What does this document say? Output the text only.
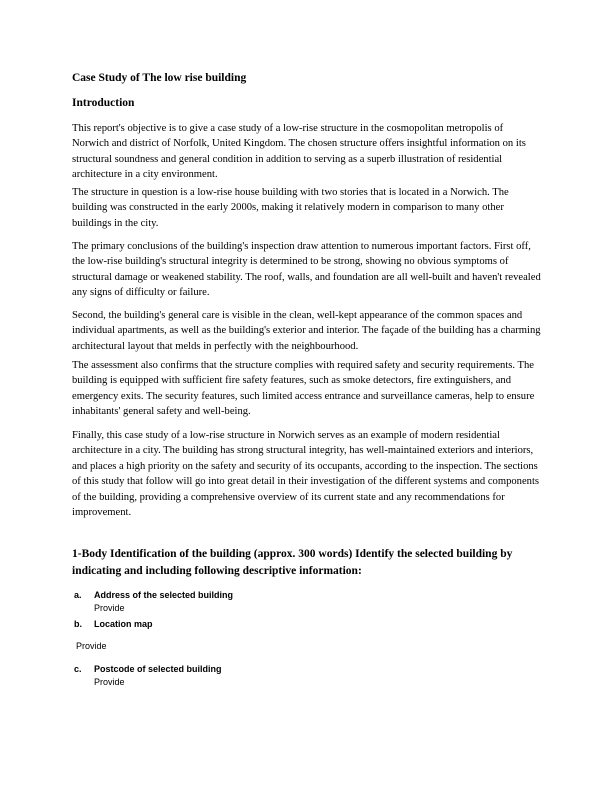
Case Study of The low rise building
Introduction

This report's objective is to give a case study of a low-rise structure in the cosmopolitan metropolis of Norwich and district of Norfolk, United Kingdom. The chosen structure offers insightful information on its structural soundness and general condition in addition to serving as a superb illustration of residential architecture in a city environment.

The structure in question is a low-rise house building with two stories that is located in a Norwich. The building was constructed in the early 2000s, making it relatively modern in comparison to many other buildings in the city.

The primary conclusions of the building's inspection draw attention to numerous important factors. First off, the low-rise building's structural integrity is determined to be strong, showing no obvious symptoms of structural damage or weakened stability. The roof, walls, and foundation are all well-built and haven't revealed any signs of difficulty or failure.

Second, the building's general care is visible in the clean, well-kept appearance of the common spaces and individual apartments, as well as the building's exterior and interior. The façade of the building has a charming architectural layout that melds in perfectly with the neighbourhood.

The assessment also confirms that the structure complies with required safety and security requirements. The building is equipped with sufficient fire safety features, such as smoke detectors, fire extinguishers, and emergency exits. The security features, such limited access entrance and surveillance cameras, help to ensure inhabitants' general safety and well-being.

Finally, this case study of a low-rise structure in Norwich serves as an example of modern residential architecture in a city. The building has strong structural integrity, has well-maintained exteriors and interiors, and places a high priority on the safety and security of its occupants, according to the inspection. The sections of this study that follow will go into great detail in their investigation of the different systems and components of the building, providing a comprehensive overview of its current state and any recommendations for improvement.

1-Body Identification of the building (approx. 300 words) Identify the selected building by indicating and including following descriptive information:

a.	Address of the selected building
Provide
b.	Location map
Provide
c.	Postcode of selected building
Provide
